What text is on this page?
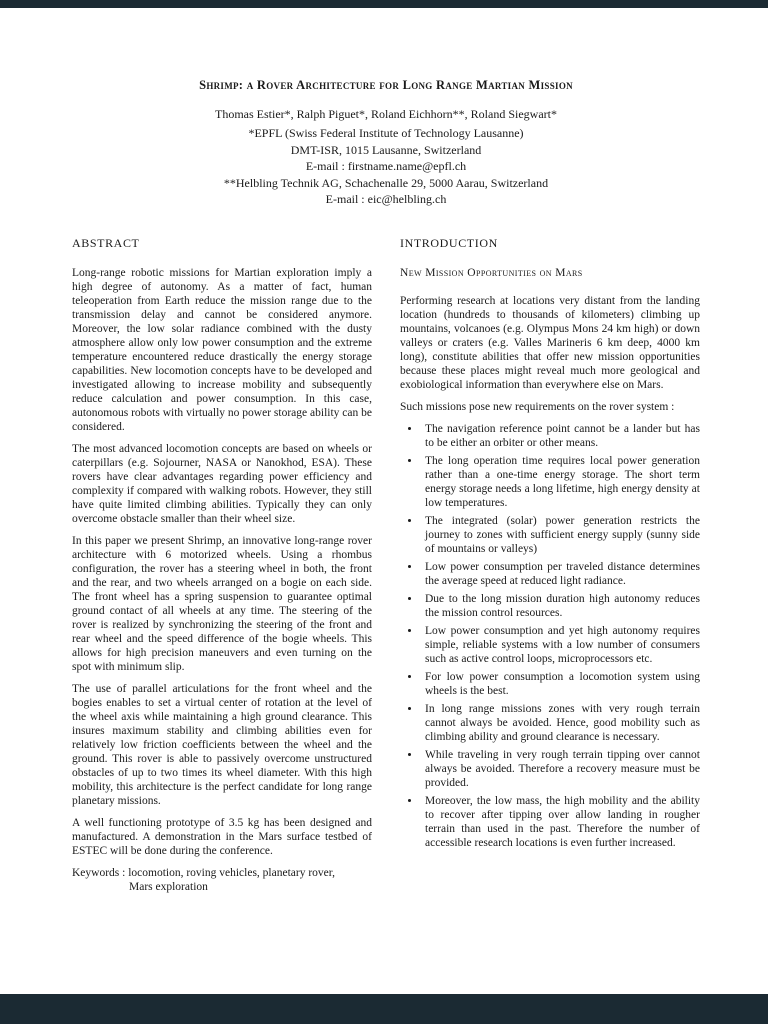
Shrimp: a Rover Architecture for Long Range Martian Mission
Thomas Estier*, Ralph Piguet*, Roland Eichhorn**, Roland Siegwart*
*EPFL (Swiss Federal Institute of Technology Lausanne)
DMT-ISR, 1015 Lausanne, Switzerland
E-mail : firstname.name@epfl.ch
**Helbling Technik AG, Schachenalle 29, 5000 Aarau, Switzerland
E-mail : eic@helbling.ch
ABSTRACT

Long-range robotic missions for Martian exploration imply a high degree of autonomy. As a matter of fact, human teleoperation from Earth reduce the mission range due to the transmission delay and cannot be considered anymore. Moreover, the low solar radiance combined with the dusty atmosphere allow only low power consumption and the extreme temperature encountered reduce drastically the energy storage capabilities. New locomotion concepts have to be developed and investigated allowing to increase mobility and subsequently reduce calculation and power consumption. In this case, autonomous robots with virtually no power storage ability can be considered.

The most advanced locomotion concepts are based on wheels or caterpillars (e.g. Sojourner, NASA or Nanokhod, ESA). These rovers have clear advantages regarding power efficiency and complexity if compared with walking robots. However, they still have quite limited climbing abilities. Typically they can only overcome obstacle smaller than their wheel size.

In this paper we present Shrimp, an innovative long-range rover architecture with 6 motorized wheels. Using a rhombus configuration, the rover has a steering wheel in both, the front and the rear, and two wheels arranged on a bogie on each side. The front wheel has a spring suspension to guarantee optimal ground contact of all wheels at any time. The steering of the rover is realized by synchronizing the steering of the front and rear wheel and the speed difference of the bogie wheels. This allows for high precision maneuvers and even turning on the spot with minimum slip.

The use of parallel articulations for the front wheel and the bogies enables to set a virtual center of rotation at the level of the wheel axis while maintaining a high ground clearance. This insures maximum stability and climbing abilities even for relatively low friction coefficients between the wheel and the ground. This rover is able to passively overcome unstructured obstacles of up to two times its wheel diameter. With this high mobility, this architecture is the perfect candidate for long range planetary missions.

A well functioning prototype of 3.5 kg has been designed and manufactured. A demonstration in the Mars surface testbed of ESTEC will be done during the conference.

Keywords : locomotion, roving vehicles, planetary rover,

Mars exploration

INTRODUCTION
New Mission Opportunities on Mars

Performing research at locations very distant from the landing location (hundreds to thousands of kilometers) climbing up mountains, volcanoes (e.g. Olympus Mons 24 km high) or down valleys or craters (e.g. Valles Marineris 6 km deep, 4000 km long), constitute abilities that offer new mission opportunities because these places might reveal much more geological and exobiological information than everywhere else on Mars.

Such missions pose new requirements on the rover system :

• The navigation reference point cannot be a lander but has to be either an orbiter or other means.
• The long operation time requires local power generation rather than a one-time energy storage. The short term energy storage needs a long lifetime, high energy density at low temperatures.
• The integrated (solar) power generation restricts the journey to zones with sufficient energy supply (sunny side of mountains or valleys)
• Low power consumption per traveled distance determines the average speed at reduced light radiance.
• Due to the long mission duration high autonomy reduces the mission control resources.
• Low power consumption and yet high autonomy requires simple, reliable systems with a low number of consumers such as active control loops, microprocessors etc.
• For low power consumption a locomotion system using wheels is the best.
• In long range missions zones with very rough terrain cannot always be avoided. Hence, good mobility such as climbing ability and ground clearance is necessary.
• While traveling in very rough terrain tipping over cannot always be avoided. Therefore a recovery measure must be provided.
• Moreover, the low mass, the high mobility and the ability to recover after tipping over allow landing in rougher terrain than used in the past. Therefore the number of accessible research locations is even further increased.
